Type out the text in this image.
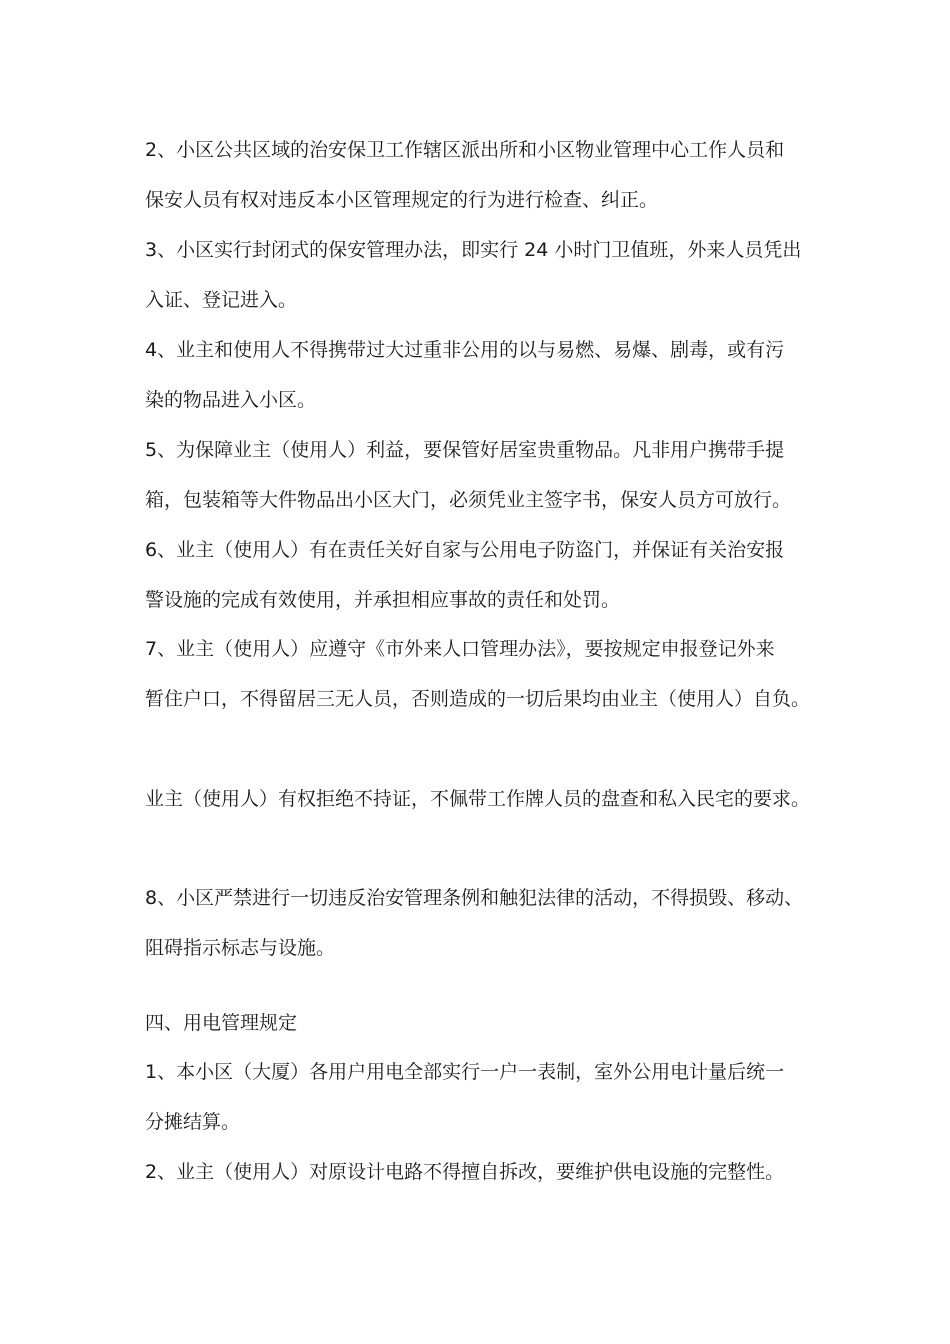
2、小区公共区域的治安保卫工作辖区派出所和小区物业管理中心工作人员和
保安人员有权对违反本小区管理规定的行为进行检查、纠正。
3、小区实行封闭式的保安管理办法，即实行 24 小时门卫值班，外来人员凭出
入证、登记进入。
4、业主和使用人不得携带过大过重非公用的以与易燃、易爆、剧毒，或有污
染的物品进入小区。
5、为保障业主（使用人）利益，要保管好居室贵重物品。凡非用户携带手提
箱，包装箱等大件物品出小区大门，必须凭业主签字书，保安人员方可放行。
6、业主（使用人）有在责任关好自家与公用电子防盗门，并保证有关治安报
警设施的完成有效使用，并承担相应事故的责任和处罚。
7、业主（使用人）应遵守《市外来人口管理办法》，要按规定申报登记外来
暂住户口，不得留居三无人员，否则造成的一切后果均由业主（使用人）自负。
业主（使用人）有权拒绝不持证，不佩带工作牌人员的盘查和私入民宅的要求。
8、小区严禁进行一切违反治安管理条例和触犯法律的活动，不得损毁、移动、
阻碍指示标志与设施。
四、用电管理规定
1、本小区（大厦）各用户用电全部实行一户一表制，室外公用电计量后统一
分摊结算。
2、业主（使用人）对原设计电路不得擅自拆改，要维护供电设施的完整性。
